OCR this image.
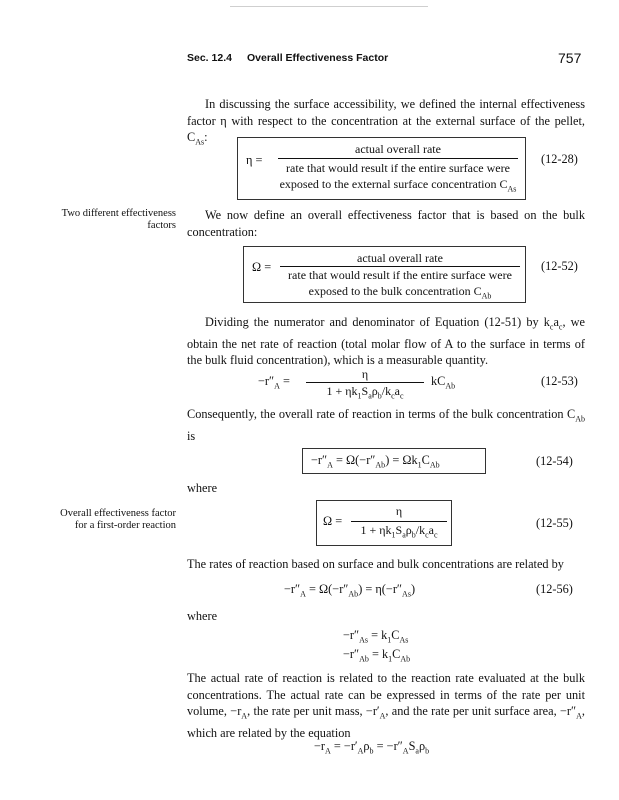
Sec. 12.4 Overall Effectiveness Factor	757

In discussing the surface accessibility, we defined the internal effectiveness factor η with respect to the concentration at the external surface of the pellet, $C_{As}$:

η =
actual overall rate
rate that would result if the entire surface were
exposed to the external surface concentration $C_{As}$
(12-28)
Two different effectiveness factors

We now define an overall effectiveness factor that is based on the bulk concentration:

Ω =
actual overall rate
rate that would result if the entire surface were
exposed to the bulk concentration $C_{Ab}$
(12-52)

Dividing the numerator and denominator of Equation (12-51) by $k_ca_c$, we obtain the net rate of reaction (total molar flow of A to the surface in terms of the bulk fluid concentration), which is a measurable quantity.

$-r''_A$ =	η
$1 + \eta k_1S_a\rho_b/k_ca_c$
$kC_{Ab}$	(12-53)

Consequently, the overall rate of reaction in terms of the bulk concentration $C_{Ab}$ is

$-r''_A = \Omega(-r''_{Ab}) = \Omega k_1C_{Ab}$	(12-54)
where
Overall effectiveness factor for a first-order reaction	Ω =
η
$1 + \eta k_1S_a\rho_b/k_ca_c$
(12-55)

The rates of reaction based on surface and bulk concentrations are related by

$-r''_A = \Omega(-r''_{Ab}) = \eta(-r''_{As})$	(12-56)
where
$-r''_{As} = k_1C_{As}$
$-r''_{Ab} = k_1C_{Ab}$

The actual rate of reaction is related to the reaction rate evaluated at the bulk concentrations. The actual rate can be expressed in terms of the rate per unit volume, $-r_A$, the rate per unit mass, $-r'_A$, and the rate per unit surface area, $-r''_A$, which are related by the equation

$-r_A = -r'_A\rho_b = -r''_AS_a\rho_b$
